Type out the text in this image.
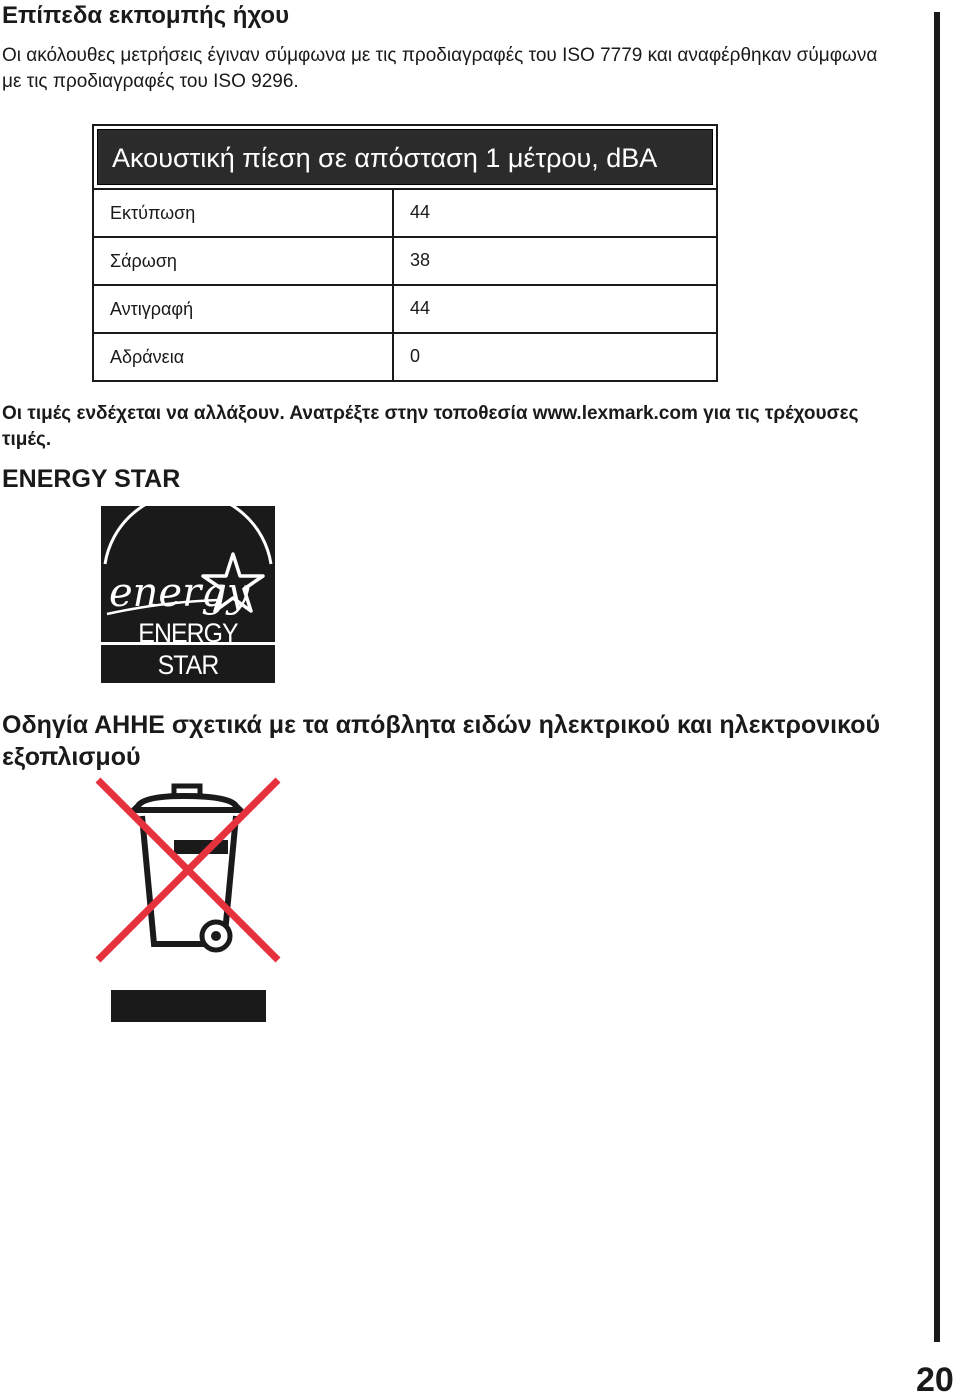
Επίπεδα εκπομπής ήχου

Οι ακόλουθες μετρήσεις έγιναν σύμφωνα με τις προδιαγραφές του ISO 7779 και αναφέρθηκαν σύμφωνα με τις προδιαγραφές του ISO 9296.

Ακουστική πίεση σε απόσταση 1 μέτρου, dBA
Εκτύπωση	44
Σάρωση	38
Αντιγραφή	44
Αδράνεια	0

Οι τιμές ενδέχεται να αλλάξουν. Ανατρέξτε στην τοποθεσία www.lexmark.com για τις τρέχουσες τιμές.

ENERGY STAR
energy
ENERGY STAR
Οδηγία ΑΗΗΕ σχετικά με τα απόβλητα ειδών ηλεκτρικού και ηλεκτρονικού εξοπλισμού
20
